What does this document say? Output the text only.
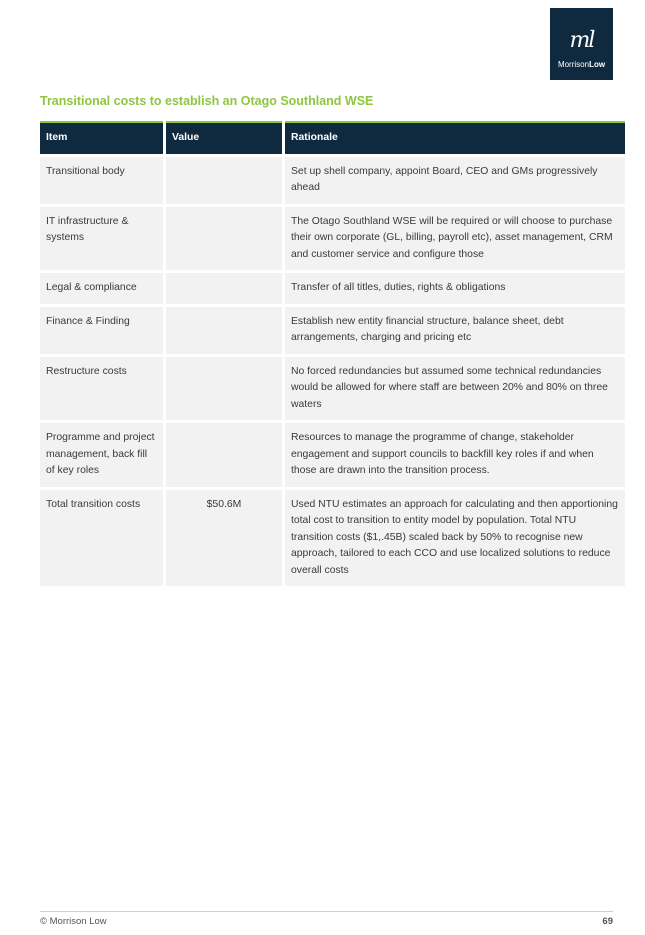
ml
MorrisonLow
Transitional costs to establish an Otago Southland WSE
Item	Value	Rationale
Transitional body		Set up shell company, appoint Board, CEO and GMs progressively ahead
IT infrastructure & systems		The Otago Southland WSE will be required or will choose to purchase their own corporate (GL, billing, payroll etc), asset management, CRM and customer service and configure those
Legal & compliance		Transfer of all titles, duties, rights & obligations
Finance & Finding		Establish new entity financial structure, balance sheet, debt arrangements, charging and pricing etc
Restructure costs		No forced redundancies but assumed some technical redundancies would be allowed for where staff are between 20% and 80% on three waters
Programme and project management, back fill of key roles		Resources to manage the programme of change, stakeholder engagement and support councils to backfill key roles if and when those are drawn into the transition process.
Total transition costs	$50.6M	Used NTU estimates an approach for calculating and then apportioning total cost to transition to entity model by population. Total NTU transition costs ($1,.45B) scaled back by 50% to recognise new approach, tailored to each CCO and use localized solutions to reduce overall costs
© Morrison Low	69
